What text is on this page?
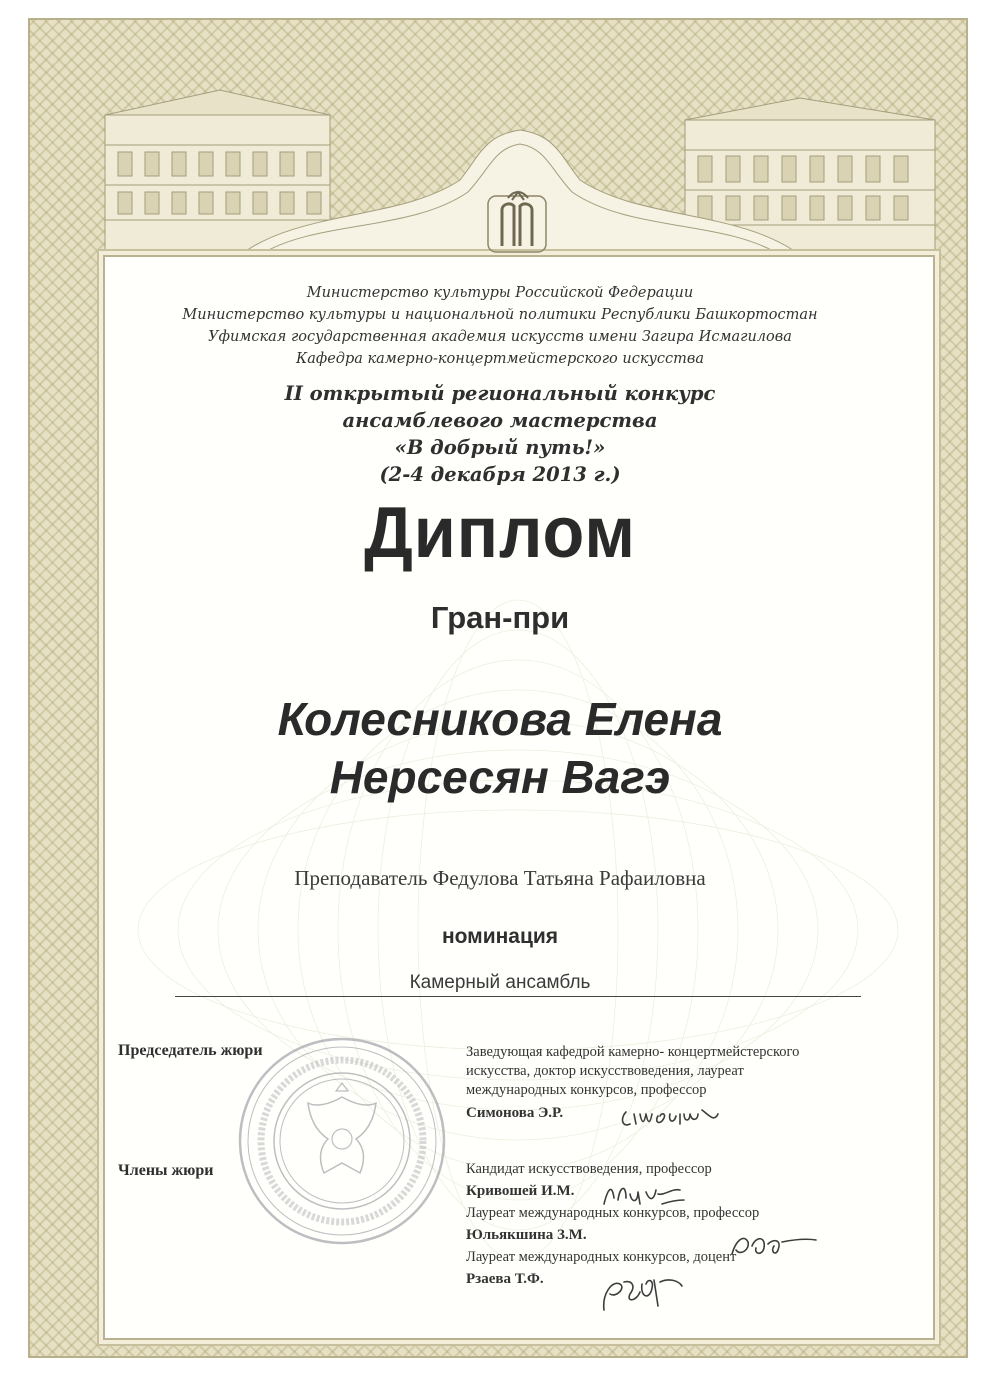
Министерство культуры Российской Федерации
Министерство культуры и национальной политики Республики Башкортостан
Уфимская государственная академия искусств имени Загира Исмагилова
Кафедра камерно-концертмейстерского искусства
II открытый региональный конкурс
ансамблевого мастерства
«В добрый путь!»
(2-4 декабря 2013 г.)
Диплом
Гран-при
Колесникова Елена
Нерсесян Вагэ
Преподаватель Федулова Татьяна Рафаиловна
номинация
Камерный ансамбль
Председатель жюри	Заведующая кафедрой камерно- концертмейстерского
искусства, доктор искусствоведения, лауреат
международных конкурсов, профессор
Симонова Э.Р.
Члены жюри	Кандидат искусствоведения, профессор
Кривошей И.М.
Лауреат международных конкурсов, профессор
Юльякшина З.М.
Лауреат международных конкурсов, доцент
Рзаева Т.Ф.
